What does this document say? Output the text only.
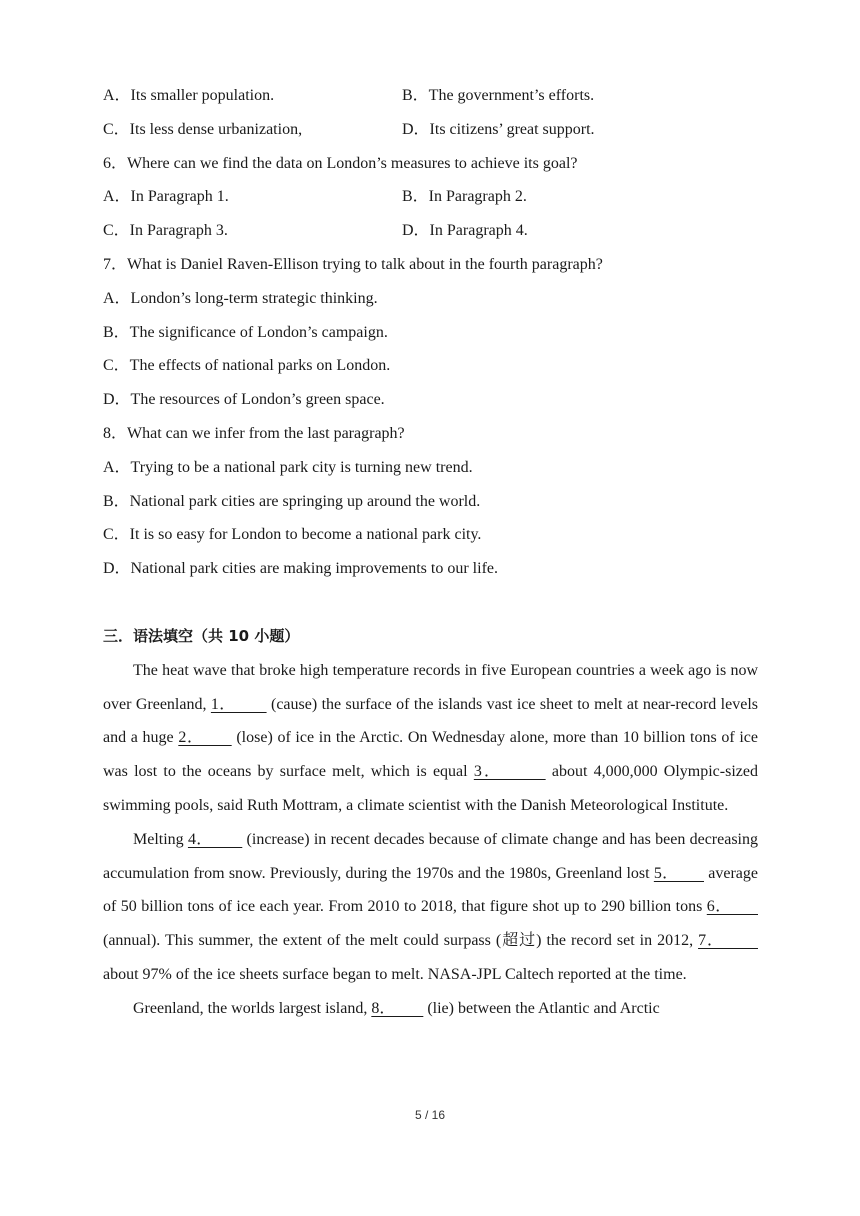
A．Its smaller population.	B．The government’s efforts.
C．Its less dense urbanization,	D．Its citizens’ great support.
6．Where can we find the data on London’s measures to achieve its goal?
A．In Paragraph 1.	B．In Paragraph 2.
C．In Paragraph 3.	D．In Paragraph 4.
7．What is Daniel Raven-Ellison trying to talk about in the fourth paragraph?
A．London’s long-term strategic thinking.
B．The significance of London’s campaign.
C．The effects of national parks on London.
D．The resources of London’s green space.
8．What can we infer from the last paragraph?
A．Trying to be a national park city is turning new trend.
B．National park cities are springing up around the world.
C．It is so easy for London to become a national park city.
D．National park cities are making improvements to our life.
三．语法填空（共 10 小题）
The heat wave that broke high temperature records in five European countries a week ago is now over Greenland, 1．        (cause) the surface of the islands vast ice sheet to melt at near-record levels and a huge 2．       (lose) of ice in the Arctic. On Wednesday alone, more than 10 billion tons of ice was lost to the oceans by surface melt, which is equal 3．        about 4,000,000 Olympic-sized swimming pools, said Ruth Mottram, a climate scientist with the Danish Meteorological Institute.
Melting 4．        (increase) in recent decades because of climate change and has been decreasing accumulation from snow. Previously, during the 1970s and the 1980s, Greenland lost 5．       average of 50 billion tons of ice each year. From 2010 to 2018, that figure shot up to 290 billion tons 6．       (annual). This summer, the extent of the melt could surpass (超过) the record set in 2012, 7．        about 97% of the ice sheets surface began to melt. NASA-JPL Caltech reported at the time.
Greenland, the worlds largest island, 8．        (lie) between the Atlantic and Arctic
5 / 16
